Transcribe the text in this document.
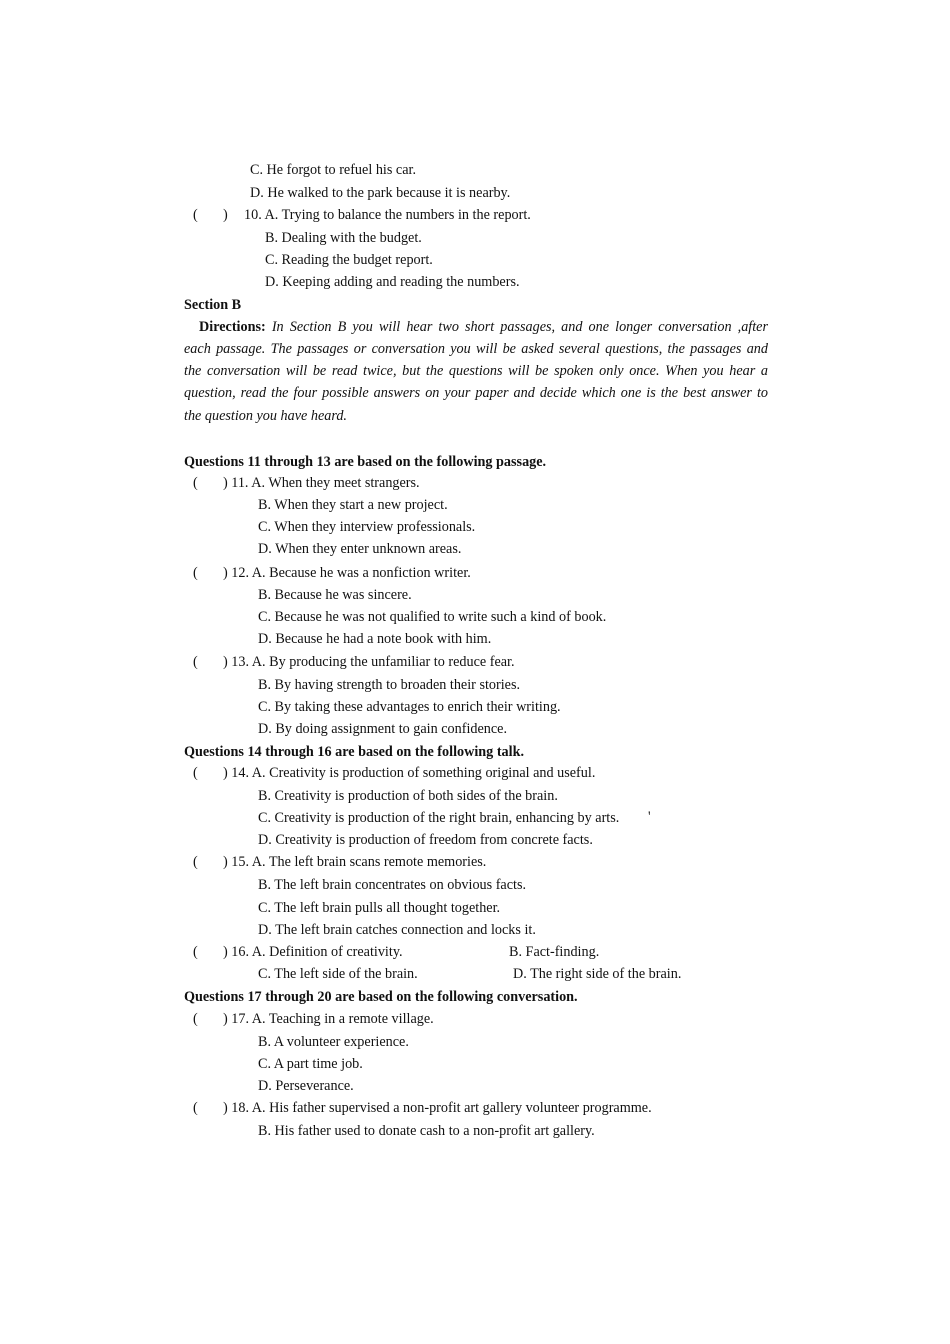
C. He forgot to refuel his car.
D. He walked to the park because it is nearby.
( ) 10. A. Trying to balance the numbers in the report.
B. Dealing with the budget.
C. Reading the budget report.
D. Keeping adding and reading the numbers.
Section B
Directions: In Section B you will hear two short passages, and one longer conversation ,after
each passage. The passages or conversation you will be asked several questions, the passages and
the conversation will be read twice, but the questions will be spoken only once. When you hear a
question, read the four possible answers on your paper and decide which one is the best answer to
the question you have heard.
Questions 11 through 13 are based on the following passage.
( ) 11. A. When they meet strangers.
B. When they start a new project.
C. When they interview professionals.
D. When they enter unknown areas.
( ) 12. A. Because he was a nonfiction writer.
B. Because he was sincere.
C. Because he was not qualified to write such a kind of book.
D. Because he had a note book with him.
( ) 13. A. By producing the unfamiliar to reduce fear.
B. By having strength to broaden their stories.
C. By taking these advantages to enrich their writing.
D. By doing assignment to gain confidence.
Questions 14 through 16 are based on the following talk.
( ) 14. A. Creativity is production of something original and useful.
B. Creativity is production of both sides of the brain.
C. Creativity is production of the right brain, enhancing by arts. '
D. Creativity is production of freedom from concrete facts.
( ) 15. A. The left brain scans remote memories.
B. The left brain concentrates on obvious facts.
C. The left brain pulls all thought together.
D. The left brain catches connection and locks it.
( ) 16. A. Definition of creativity.	B. Fact-finding.
C. The left side of the brain.	D. The right side of the brain.
Questions 17 through 20 are based on the following conversation.
( ) 17. A. Teaching in a remote village.
B. A volunteer experience.
C. A part time job.
D. Perseverance.
( ) 18. A. His father supervised a non-profit art gallery volunteer programme.
B. His father used to donate cash to a non-profit art gallery.
